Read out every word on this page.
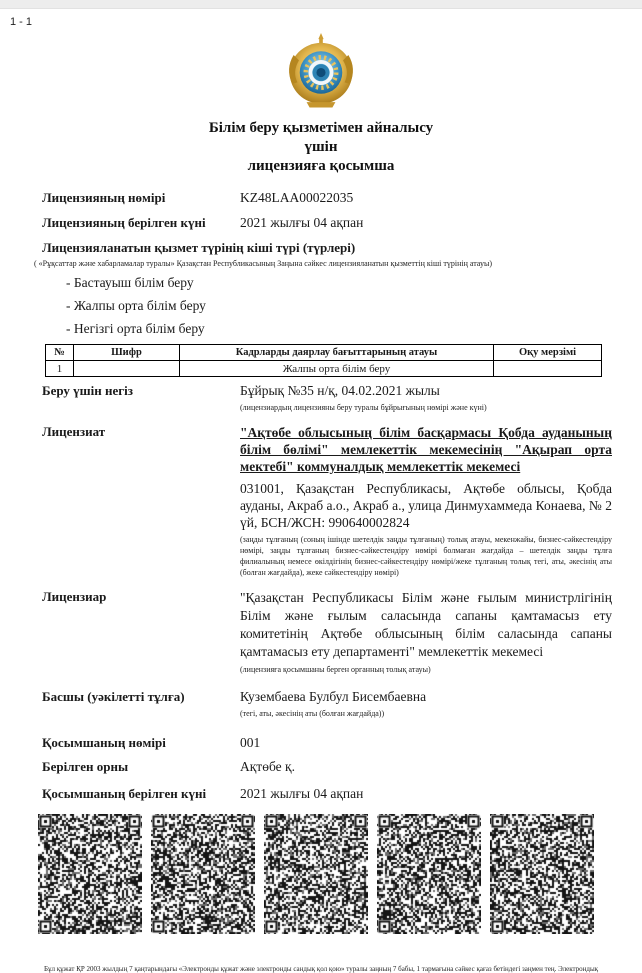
1 - 1
Білім беру қызметімен айналысу
үшін
лицензияға қосымша
Лицензияның нөмірі	KZ48LAA00022035
Лицензияның берілген күні	2021 жылғы 04 ақпан
Лицензияланатын қызмет түрінің кіші түрі (түрлері)
( «Рұқсаттар және хабарламалар туралы» Қазақстан Республикасының Заңына сәйкес лицензияланатын қызметтің кіші түрінің атауы)
- Бастауыш білім беру
- Жалпы орта білім беру
- Негізгі орта білім беру
№	Шифр	Кадрларды даярлау бағыттарының атауы	Оқу мерзімі
1		Жалпы орта білім беру	
Беру үшін негіз	Бұйрық №35 н/қ, 04.02.2021 жылы
(лицензиардың лицензияны беру туралы бұйрығының нөмірі және күні)
Лицензиат	"Ақтөбе облысының білім басқармасы Қобда ауданының білім бөлімі" мемлекеттік мекемесінің "Ақырап орта мектебі" коммуналдық мемлекеттік мекемесі
031001, Қазақстан Республикасы, Ақтөбе облысы, Қобда ауданы, Акраб а.о., Акраб а., улица Динмухаммеда Конаева, № 2 үй, БСН/ЖСН: 990640002824
(заңды тұлғаның (соның ішінде шетелдік заңды тұлғаның) толық атауы, мекенжайы, бизнес-сәйкестендіру нөмірі, заңды тұлғаның бизнес-сәйкестендіру нөмірі болмаған жағдайда – шетелдік заңды тұлға филиалының немесе өкілдігінің бизнес-сәйкестендіру нөмірі/жеке тұлғаның толық тегі, аты, әкесінің аты (болған жағдайда), жеке сәйкестендіру нөмірі)
Лицензиар	"Қазақстан Республикасы Білім және ғылым министрлігінің Білім және ғылым саласында сапаны қамтамасыз ету комитетінің Ақтөбе облысының білім саласында сапаны қамтамасыз ету департаменті" мемлекеттік мекемесі
(лицензияға қосымшаны берген органның толық атауы)
Басшы (уәкілетті тұлға)	Кузембаева Булбул Бисембаевна
(тегі, аты, әкесінің аты (болған жағдайда))
Қосымшаның нөмірі	001
Берілген орны	Ақтөбе қ.
Қосымшаның берілген күні	2021 жылғы 04 ақпан
Бұл құжат ҚР 2003 жылдың 7 қаңтарындағы «Электронды құжат және электронды сандық қол қою» туралы заңның 7 бабы, 1 тармағына сәйкес қағаз бетіндегі заңмен тең. Электрондық
